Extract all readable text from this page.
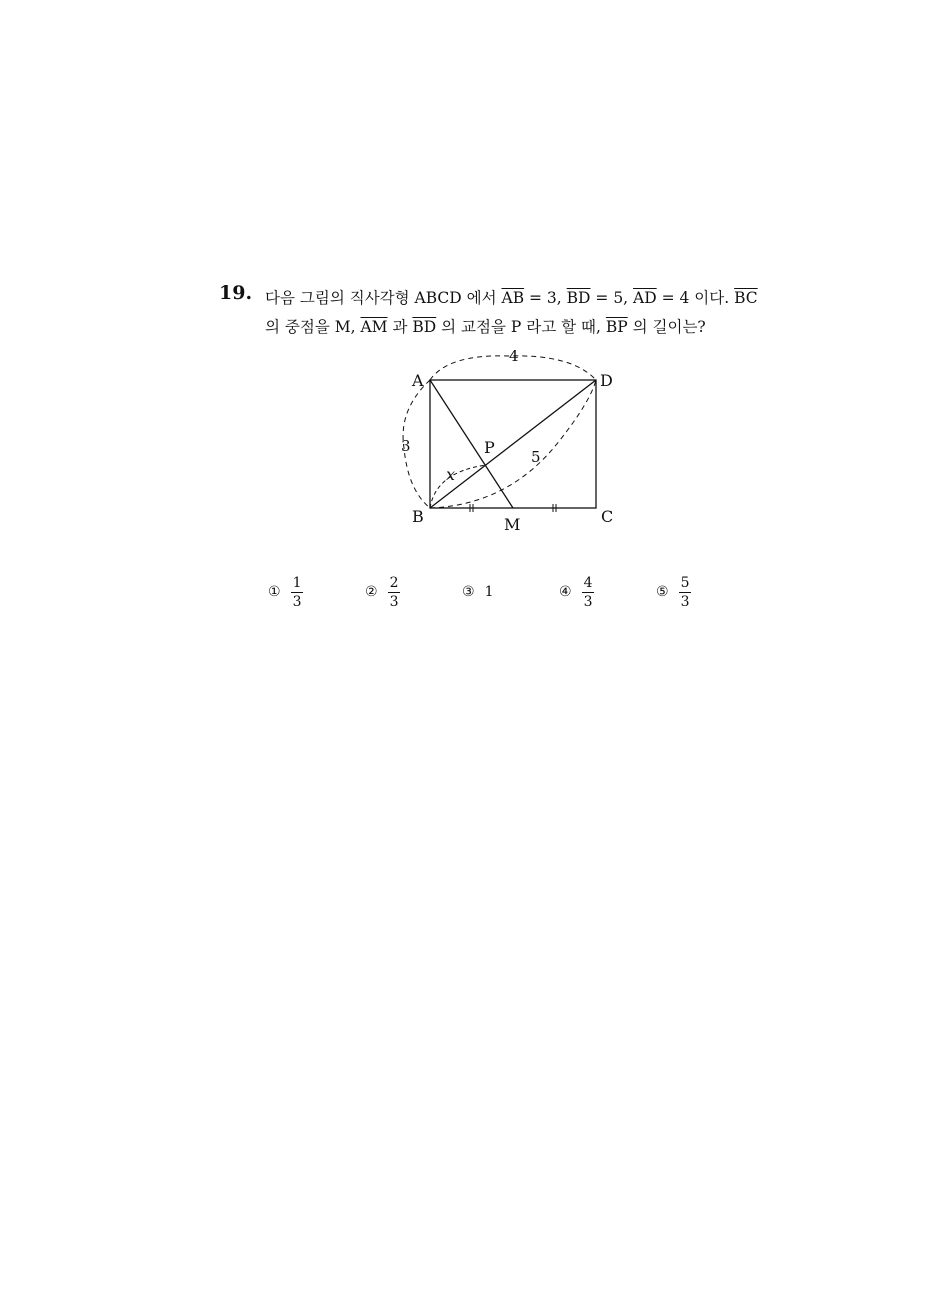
19. 다음 그림의 직사각형 ABCD 에서 $\overline{AB} = 3$, $\overline{BD} = 5$, $\overline{AD} = 4$ 이다. $\overline{BC}$
의 중점을 M, $\overline{AM}$ 과 $\overline{BD}$ 의 교점을 P 라고 할 때, $\overline{BP}$ 의 길이는?
A	D
B	C
M
P
x
4
3
5
① $\frac{1}{3}$	② $\frac{2}{3}$	③ 1	④ $\frac{4}{3}$	⑤ $\frac{5}{3}$
